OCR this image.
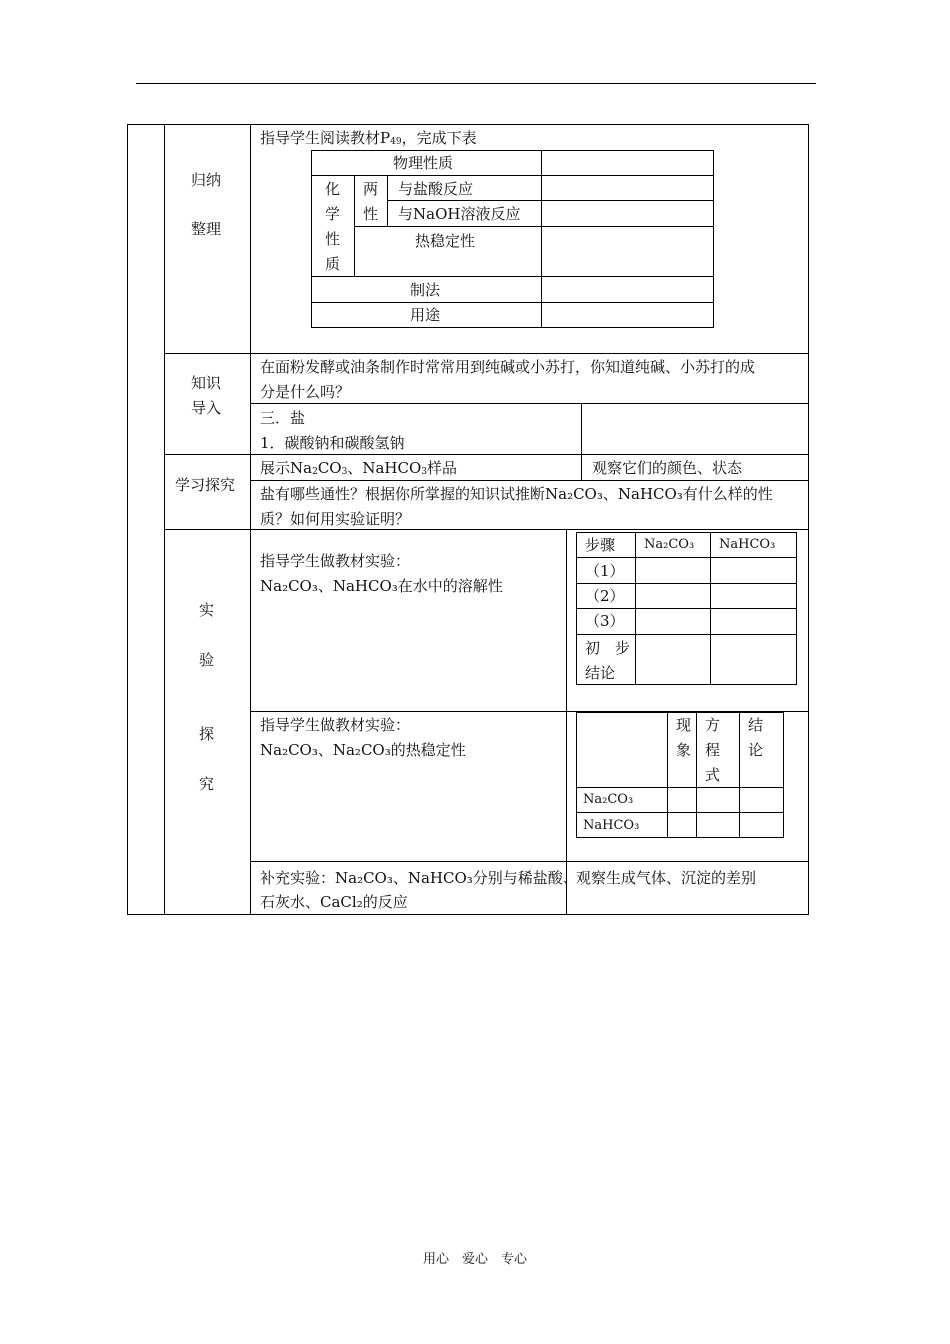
归纳
整理
知识
导入
学习探究
实
验
探
究
指导学生阅读教材$P_{49}$，完成下表
物理性质
化
学
性
质
两
性
与盐酸反应
与NaOH溶液反应
热稳定性
制法
用途
在面粉发酵或油条制作时常常用到纯碱或小苏打，你知道纯碱、小苏打的成
分是什么吗？
三．盐
1．碳酸钠和碳酸氢钠
展示$Na_2CO_3$、NaHCO$_3$样品	观察它们的颜色、状态
盐有哪些通性？根据你所掌握的知识试推断Na₂CO₃、NaHCO₃有什么样的性
质？如何用实验证明？
指导学生做教材实验：
Na₂CO₃、NaHCO₃在水中的溶解性
步骤 Na₂CO₃ NaHCO₃
（1）
（2）
（3）
初　步
结论
指导学生做教材实验：
Na₂CO₃、Na₂CO₃的热稳定性
现
象
方
程
式
结
论
Na₂CO₃
NaHCO₃
补充实验：Na₂CO₃、NaHCO₃分别与稀盐酸、
石灰水、CaCl₂的反应
观察生成气体、沉淀的差别
用心　爱心　专心
